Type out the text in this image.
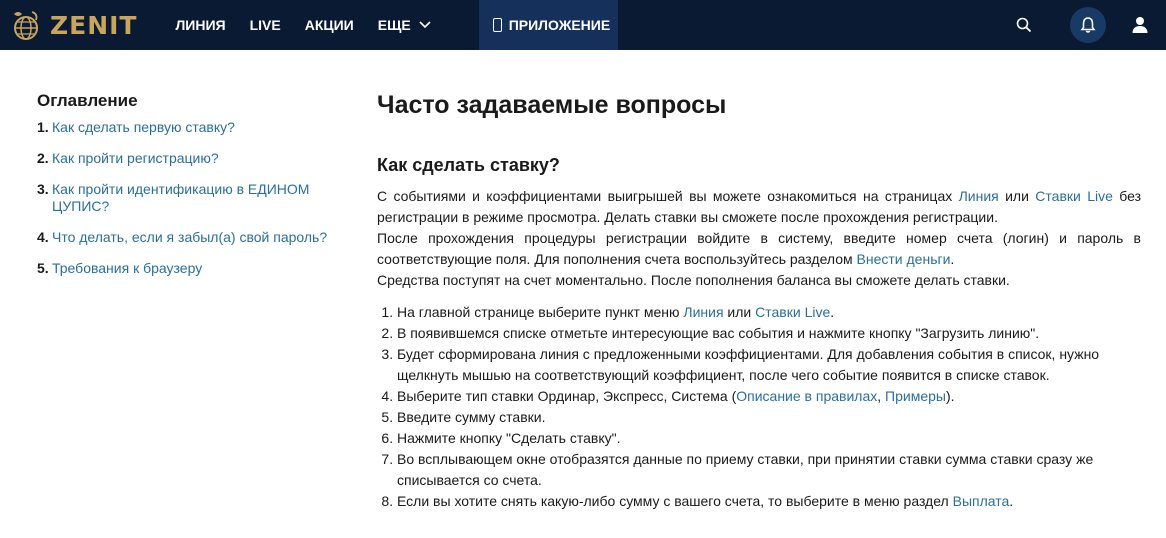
ZENIT	ЛИНИЯ	LIVE	АКЦИИ	ЕЩЕ	ПРИЛОЖЕНИЕ
Оглавление
1. Как сделать первую ставку?
2. Как пройти регистрацию?
3. Как пройти идентификацию в ЕДИНОМ ЦУПИС?
4. Что делать, если я забыл(а) свой пароль?
5. Требования к браузеру
Часто задаваемые вопросы
Как сделать ставку?

С событиями и коэффициентами выигрышей вы можете ознакомиться на страницах Линия или Ставки Live без регистрации в режиме просмотра. Делать ставки вы сможете после прохождения регистрации.

После прохождения процедуры регистрации войдите в систему, введите номер счета (логин) и пароль в соответствующие поля. Для пополнения счета воспользуйтесь разделом Внести деньги.

Средства поступят на счет моментально. После пополнения баланса вы сможете делать ставки.

1. На главной странице выберите пункт меню Линия или Ставки Live.
2. В появившемся списке отметьте интересующие вас события и нажмите кнопку "Загрузить линию".
3. Будет сформирована линия с предложенными коэффициентами. Для добавления события в список, нужно щелкнуть мышью на соответствующий коэффициент, после чего событие появится в списке ставок.
4. Выберите тип ставки Ординар, Экспресс, Система (Описание в правилах, Примеры).
5. Введите сумму ставки.
6. Нажмите кнопку "Сделать ставку".
7. Во всплывающем окне отобразятся данные по приему ставки, при принятии ставки сумма ставки сразу же списывается со счета.
8. Если вы хотите снять какую-либо сумму с вашего счета, то выберите в меню раздел Выплата.
